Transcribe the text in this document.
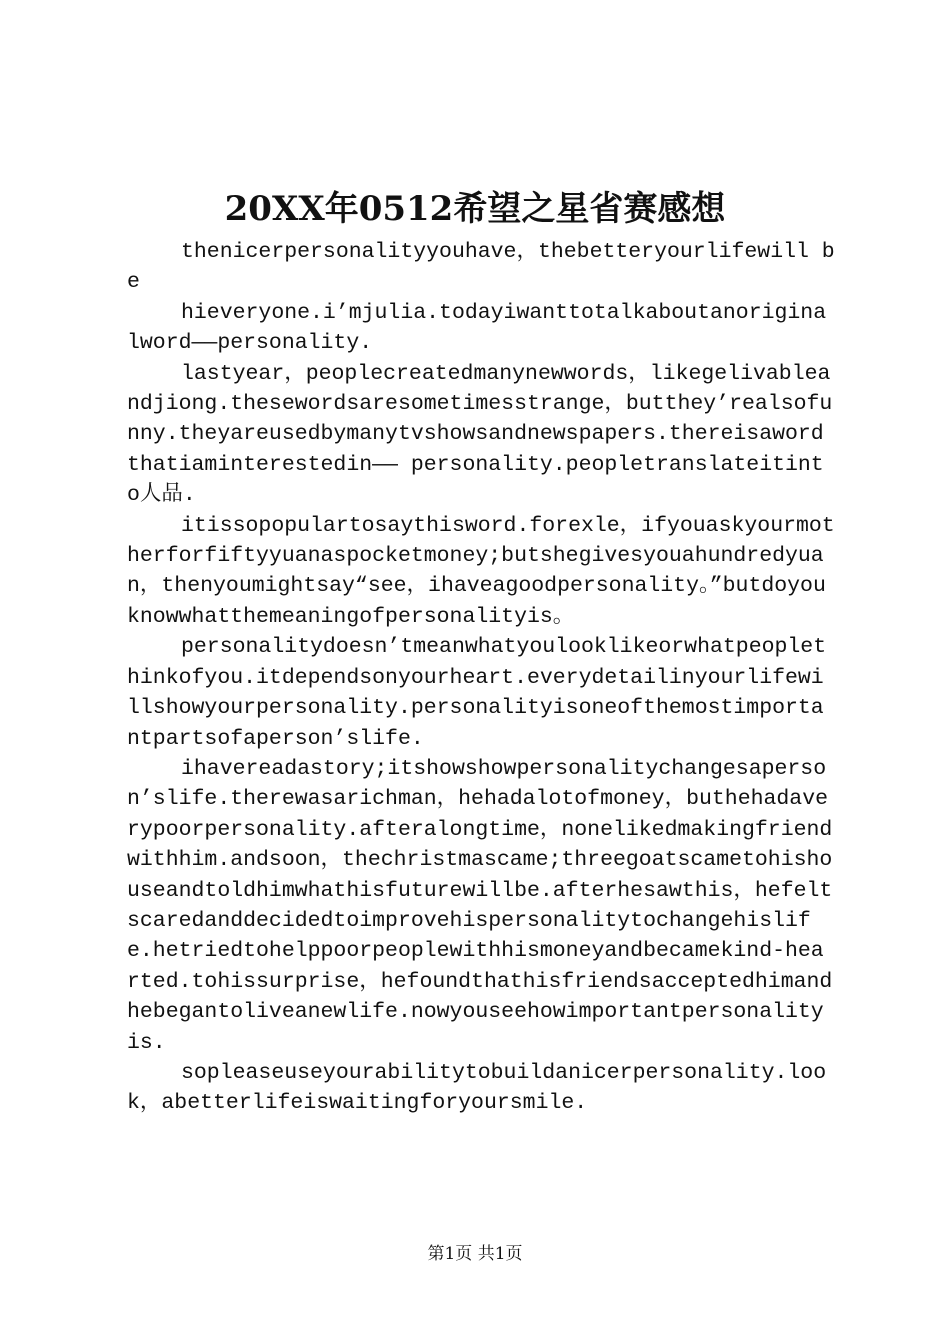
20XX年0512希望之星省赛感想

thenicerpersonalityyouhave，thebetteryourlifewill be

hieveryone.i’mjulia.todayiwanttotalkaboutanoriginalword——personality.

lastyear，peoplecreatedmanynewwords，likegelivableandjiong.thesewordsaresometimesstrange，butthey’realsofunny.theyareusedbymanytvshowsandnewspapers.thereisawordthatiaminterestedin—— personality.peopletranslateitinto人品.

itissopopulartosaythisword.forexle，ifyouaskyourmotherforfiftyyuanaspocketmoney;butshegivesyouahundredyuan，thenyoumightsay“see，ihaveagoodpersonality。”butdoyouknowwhatthemeaningofpersonalityis。

personalitydoesn’tmeanwhatyoulooklikeorwhatpeoplethinkofyou.itdependsonyourheart.everydetailinyourlifewillshowyourpersonality.personalityisoneofthemostimportantpartsofaperson’slife.

ihavereadastory;itshowshowpersonalitychangesaperson’slife.therewasarichman，hehadalotofmoney，buthehadaverypoorpersonality.afteralongtime，nonelikedmakingfriendwithhim.andsoon，thechristmascame;threegoatscametohishouseandtoldhimwhathisfuturewillbe.afterhesawthis，hefeltscaredanddecidedtoimprovehispersonalitytochangehislife.hetriedtohelppoorpeoplewithhismoneyandbecamekind-hearted.tohissurprise，hefoundthathisfriendsacceptedhimandhebegantoliveanewlife.nowyouseehowimportantpersonalityis.

sopleaseuseyourabilitytobuildanicerpersonality.look，abetterlifeiswaitingforyoursmile.

第1页 共1页
